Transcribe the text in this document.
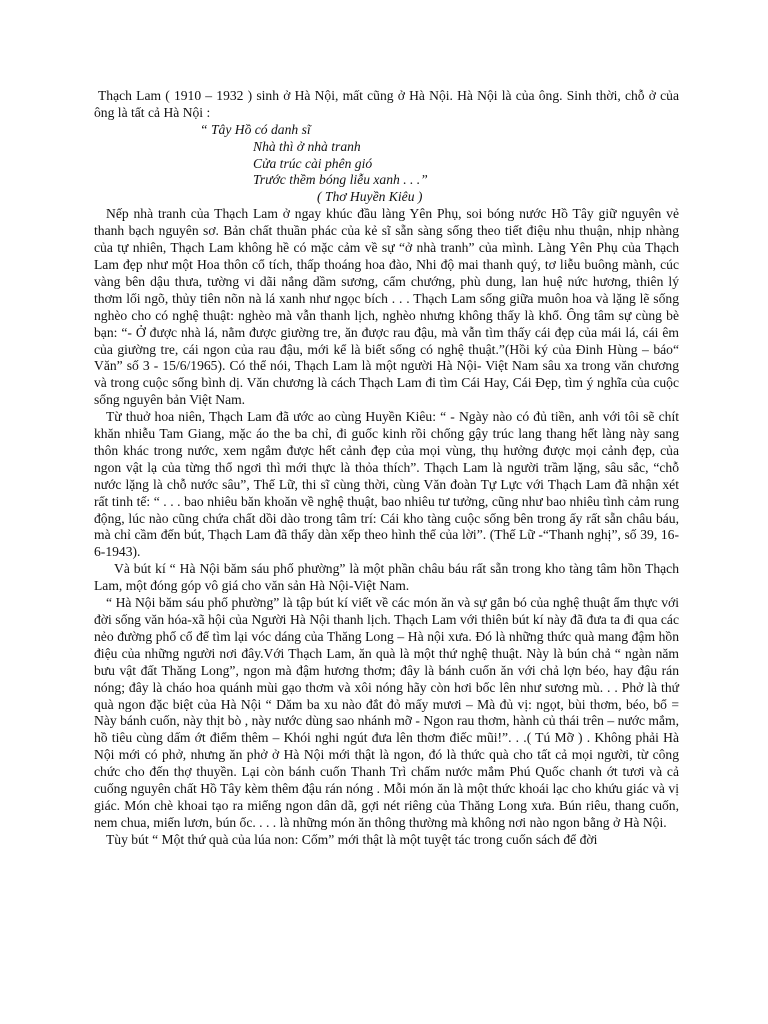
Thạch Lam ( 1910 – 1932 ) sinh ở Hà Nội, mất cũng ở Hà Nội. Hà Nội là của ông. Sinh thời, chỗ ở của ông là tất cả Hà Nội :

“ Tây Hồ có danh sĩ
Nhà thì ở nhà tranh
Cửa trúc cài phên gió
Trước thềm bóng liễu xanh . . .”
( Thơ Huyền Kiêu )

Nếp nhà tranh của Thạch Lam ở ngay khúc đầu làng Yên Phụ, soi bóng nước Hồ Tây giữ nguyên vẻ thanh bạch nguyên sơ. Bản chất thuần phác của kẻ sĩ sẵn sàng sống theo tiết điệu nhu thuận, nhịp nhàng của tự nhiên, Thạch Lam không hề có mặc cảm về sự “ở nhà tranh” của mình. Làng Yên Phụ của Thạch Lam đẹp như một Hoa thôn cổ tích, thấp thoáng hoa đào, Nhi độ mai thanh quý, tơ liễu buông mành, cúc vàng bên dậu thưa, tường vi dãi nắng dầm sương, cẩm chướng, phù dung, lan huệ nức hương, thiên lý thơm lối ngõ, thủy tiên nõn nà lá xanh như ngọc bích . . . Thạch Lam sống giữa muôn hoa và lặng lẽ sống nghèo cho có nghệ thuật: nghèo mà vẫn thanh lịch, nghèo nhưng không thấy là khổ. Ông tâm sự cùng bè bạn: “- Ở được nhà lá, nằm được giường tre, ăn được rau đậu, mà vẫn tìm thấy cái đẹp của mái lá, cái êm của giường tre, cái ngon của rau đậu, mới kể là biết sống có nghệ thuật.”(Hồi ký của Đinh Hùng – báo“ Văn” số 3 - 15/6/1965). Có thể nói, Thạch Lam là một người Hà Nội- Việt Nam sâu xa trong văn chương và trong cuộc sống bình dị. Văn chương là cách Thạch Lam đi tìm Cái Hay, Cái Đẹp, tìm ý nghĩa của cuộc sống nguyên bản Việt Nam.

Từ thuở hoa niên, Thạch Lam đã ước ao cùng Huyền Kiêu: “ - Ngày nào có đủ tiền, anh với tôi sẽ chít khăn nhiễu Tam Giang, mặc áo the ba chỉ, đi guốc kinh rồi chống gậy trúc lang thang hết làng này sang thôn khác trong nước, xem ngắm được hết cảnh đẹp của mọi vùng, thụ hưởng được mọi cảnh đẹp, của ngon vật lạ của từng thổ ngơi thì mới thực là thỏa thích”. Thạch Lam là người trầm lặng, sâu sắc, “chỗ nước lặng là chỗ nước sâu”, Thế Lữ, thi sĩ cùng thời, cùng Văn đoàn Tự Lực với Thạch Lam đã nhận xét rất tinh tế: “ . . . bao nhiêu băn khoăn về nghệ thuật, bao nhiêu tư tưởng, cũng như bao nhiêu tình cảm rung động, lúc nào cũng chứa chất dồi dào trong tâm trí: Cái kho tàng cuộc sống bên trong ấy rất sẵn châu báu, mà chỉ cầm đến bút, Thạch Lam đã thấy dàn xếp theo hình thể của lời”. (Thế Lữ -“Thanh nghị”, số 39, 16-6-1943).

Và bút kí “ Hà Nội băm sáu phố phường” là một phần châu báu rất sẵn trong kho tàng tâm hồn Thạch Lam, một đóng góp vô giá cho văn sản Hà Nội-Việt Nam.

“ Hà Nội băm sáu phố phường” là tập bút kí viết về các món ăn và sự gắn bó của nghệ thuật ẩm thực với đời sống văn hóa-xã hội của Người Hà Nội thanh lịch. Thạch Lam với thiên bút kí này đã đưa ta đi qua các nẻo đường phố cổ để tìm lại vóc dáng của Thăng Long – Hà nội xưa. Đó là những thức quà mang đậm hồn điệu của những người nơi đây.Với Thạch Lam, ăn quà là một thứ nghệ thuật. Này là bún chả “ ngàn năm bưu vật đất Thăng Long”, ngon mà đậm hương thơm; đây là bánh cuốn ăn với chả lợn béo, hay đậu rán nóng; đây là cháo hoa quánh mùi gạo thơm và xôi nóng hãy còn hơi bốc lên như sương mù. . . Phở là thứ quà ngon đặc biệt của Hà Nội “ Dăm ba xu nào đắt đỏ mấy mươi – Mà đủ vị: ngọt, bùi thơm, béo, bổ = Này bánh cuốn, này thịt bò , này nước dùng sao nhánh mỡ - Ngon rau thơm, hành củ thái trên – nước mắm, hồ tiêu cùng dấm ớt điểm thêm – Khói nghi ngút đưa lên thơm điếc mũi!”. . .( Tú Mỡ ) . Không phải Hà Nội mới có phở, nhưng ăn phở ở Hà Nội mới thật là ngon, đó là thức quà cho tất cả mọi người, từ công chức cho đến thợ thuyền. Lại còn bánh cuốn Thanh Trì chấm nước mắm Phú Quốc chanh ớt tươi và cả cuống nguyên chất Hồ Tây kèm thêm đậu rán nóng . Mỗi món ăn là một thức khoái lạc cho khứu giác và vị giác. Món chè khoai tạo ra miếng ngon dân dã, gợi nét riêng của Thăng Long xưa. Bún riêu, thang cuốn, nem chua, miến lươn, bún ốc. . . . là những món ăn thông thường mà không nơi nào ngon bằng ở Hà Nội.

Tùy bút “ Một thứ quà của lúa non: Cốm” mới thật là một tuyệt tác trong cuốn sách để đời
